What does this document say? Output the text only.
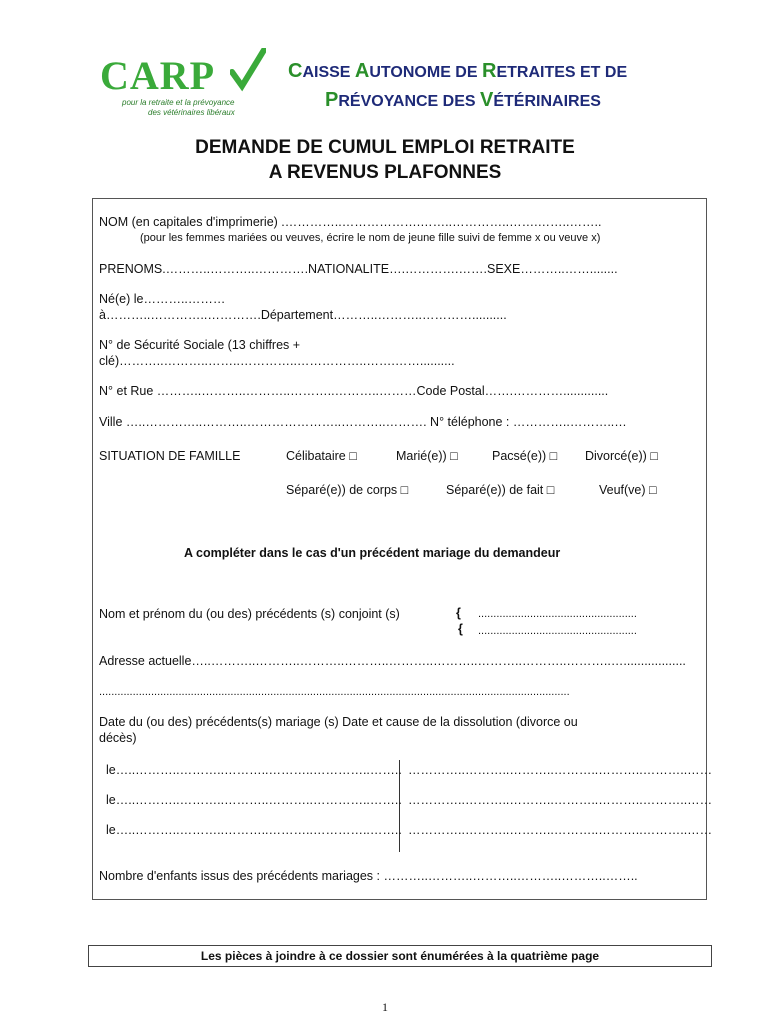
CARP
pour la retraite et la prévoyance
des vétérinaires libéraux
CAISSE AUTONOME DE RETRAITES ET DE
PRÉVOYANCE DES VÉTÉRINAIRES
DEMANDE DE CUMUL EMPLOI RETRAITE
A REVENUS PLAFONNES
NOM (en capitales d'imprimerie) .…………..……………….……..…………..…….……..……..
(pour les femmes mariées ou veuves, écrire le nom de jeune fille suivi de femme x ou veuve x)
PRENOMS.………..………..………….NATIONALITE….………….…….SEXE………..……........
Né(e) le………..………
à………..…………..………….Département………..………..…………..........
N° de Sécurité Sociale (13 chiffres +
clé)………..………..……..…………..……………..…….……..........
N° et Rue ………..………..………..………..………..………Code Postal…….………….............
Ville …..…………..………..…………………..………..………. N° téléphone : …………..………..…
SITUATION DE FAMILLE	Célibataire □	Marié(e)) □	Pacsé(e)) □ Divorcé(e)) □
Séparé(e)) de corps □	Séparé(e)) de fait □	Veuf(ve) □
A compléter dans le cas d'un précédent mariage du demandeur
Nom et prénom du (ou des) précédents (s) conjoint (s)	{ ....................................................
{ ....................................................
Adresse actuelle…..………..………..………..………..………..………..………..………..………..…..................
..........................................................................................................................................................
Date du (ou des) précédents(s) mariage (s) Date et cause de la dissolution (divorce ou
décès)
le…..………..………..………..………..…………..…….. …………..………..………..………..………..………..……
le…..………..………..………..………..…………..…….. …………..………..………..………..………..………..……
le…..………..………..………..………..…………..…….. …………..………..………..………..………..………..……
Nombre d'enfants issus des précédents mariages : ………..………..………..………..………..……..
Les pièces à joindre à ce dossier sont énumérées à la quatrième page
1
